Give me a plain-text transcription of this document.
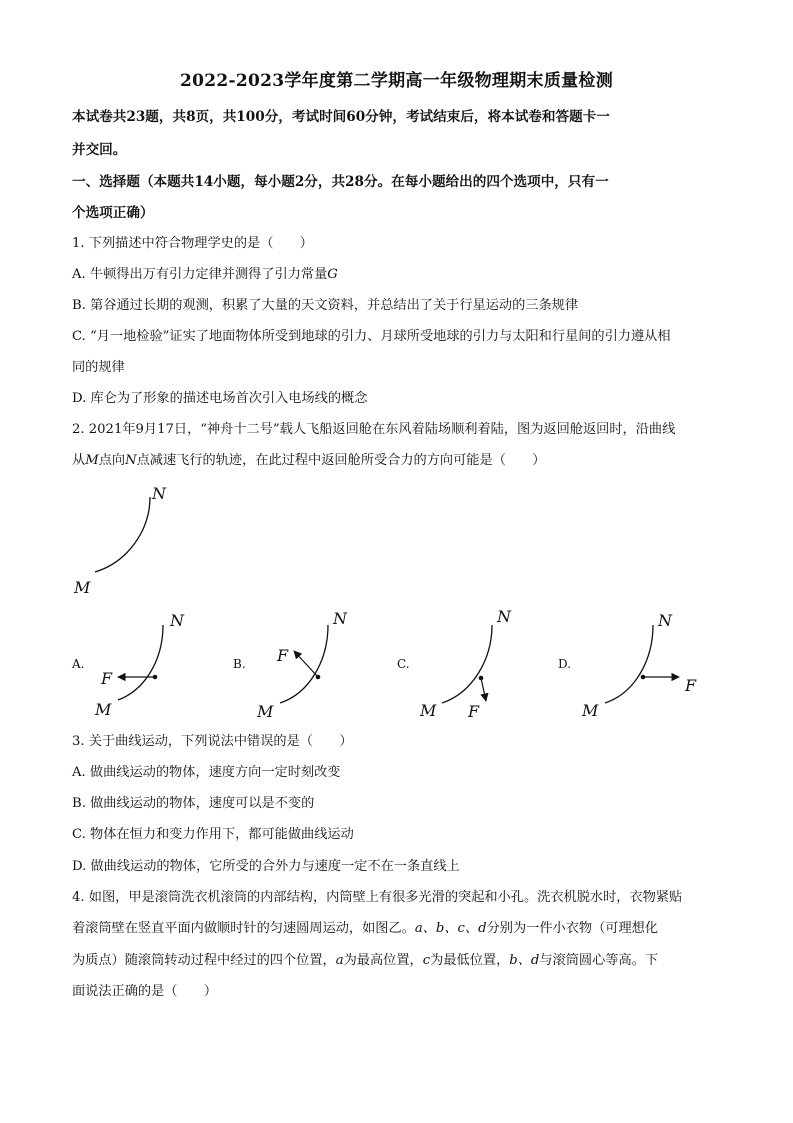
2022-2023学年度第二学期高一年级物理期末质量检测
本试卷共23题，共8页，共100分，考试时间60分钟，考试结束后，将本试卷和答题卡一
并交回。
一、选择题（本题共14小题，每小题2分，共28分。在每小题给出的四个选项中，只有一
个选项正确）
1. 下列描述中符合物理学史的是（　　）
A. 牛顿得出万有引力定律并测得了引力常量G
B. 第谷通过长期的观测，积累了大量的天文资料，并总结出了关于行星运动的三条规律
C. “月一地检验”证实了地面物体所受到地球的引力、月球所受地球的引力与太阳和行星间的引力遵从相
同的规律
D. 库仑为了形象的描述电场首次引入电场线的概念
2. 2021年9月17日，“神舟十二号”载人飞船返回舱在东风着陆场顺利着陆，图为返回舱返回时，沿曲线
从M点向N点减速飞行的轨迹，在此过程中返回舱所受合力的方向可能是（　　）
N
M
A.
N
F
M
B.
N
F
M
C.
N
F
M
D.
N
F
M
3. 关于曲线运动，下列说法中错误的是（　　）
A. 做曲线运动的物体，速度方向一定时刻改变
B. 做曲线运动的物体，速度可以是不变的
C. 物体在恒力和变力作用下，都可能做曲线运动
D. 做曲线运动的物体，它所受的合外力与速度一定不在一条直线上
4. 如图，甲是滚筒洗衣机滚筒的内部结构，内筒壁上有很多光滑的突起和小孔。洗衣机脱水时，衣物紧贴
着滚筒壁在竖直平面内做顺时针的匀速圆周运动，如图乙。a、b、c、d分别为一件小衣物（可理想化
为质点）随滚筒转动过程中经过的四个位置，a为最高位置，c为最低位置，b、d与滚筒圆心等高。下
面说法正确的是（　　）
